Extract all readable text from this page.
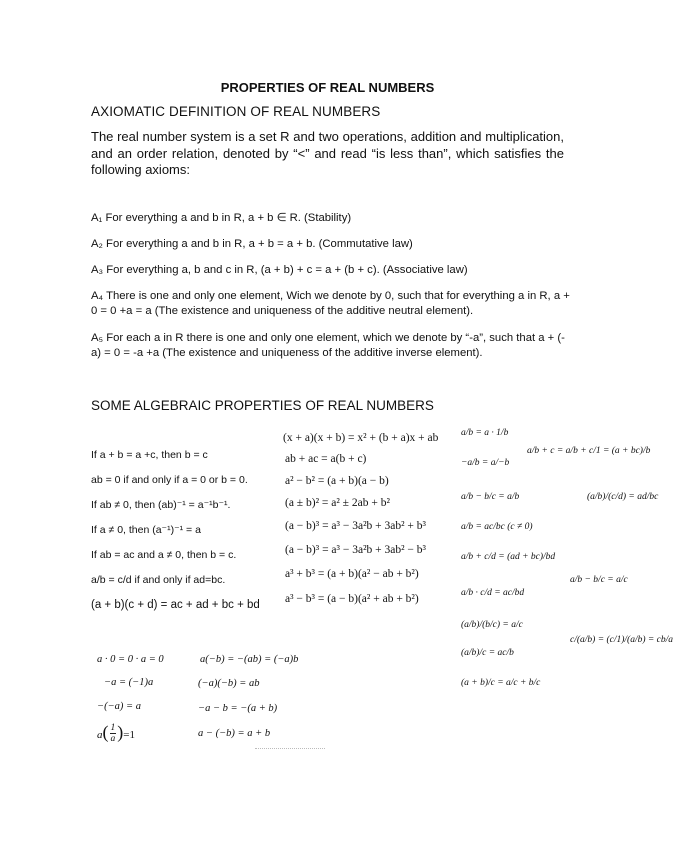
PROPERTIES OF REAL NUMBERS
AXIOMATIC DEFINITION OF REAL NUMBERS
The real number system is a set R and two operations, addition and multiplication, and an order relation, denoted by “<” and read “is less than”, which satisfies the following axioms:
A₁ For everything a and b in R, a + b ∈ R. (Stability)
A₂ For everything a and b in R, a + b = a + b. (Commutative law)
A₃ For everything a, b and c in R, (a + b) + c = a + (b + c). (Associative law)
A₄ There is one and only one element, Wich we denote by 0, such that for everything a in R, a + 0 = 0 +a = a (The existence and uniqueness of the additive neutral element).
A₅ For each a in R there is one and only one element, which we denote by “-a”, such that a + (-a) = 0 = -a +a (The existence and uniqueness of the additive inverse element).
SOME ALGEBRAIC PROPERTIES OF REAL NUMBERS
If a + b = a +c, then b = c
ab = 0 if and only if a = 0 or b = 0.
If ab ≠ 0, then (ab)⁻¹ = a⁻¹b⁻¹.
If a ≠ 0, then (a⁻¹)⁻¹ = a
If ab = ac and a ≠ 0, then b = c.
a/b = c/d if and only if ad=bc.
(a + b)(c + d) = ac + ad + bc + bd
(x + a)(x + b) = x² + (b + a)x + ab
ab + ac = a(b + c)
a² − b² = (a + b)(a − b)
(a ± b)² = a² ± 2ab + b²
(a − b)³ = a³ − 3a²b + 3ab² + b³
(a − b)³ = a³ − 3a²b + 3ab² − b³
a³ + b³ = (a + b)(a² − ab + b²)
a³ − b³ = (a − b)(a² + ab + b²)
a · 0 = 0 · a = 0
−a = (−1)a
−(−a) = a
$a( \frac{1}{a} )=1$
a(−b) = −(ab) = (−a)b
(−a)(−b) = ab
−a − b = −(a + b)
a − (−b) = a + b
a/b = a · 1/b
−a/b = a/−b
a/b − b/c = a/b
a/b = ac/bc (c ≠ 0)
a/b + c/d = (ad + bc)/bd
a/b · c/d = ac/bd
(a/b)/(b/c) = a/c
(a/b)/c = ac/b
(a + b)/c = a/c + b/c
a/b + c = a/b + c/1 = (a + bc)/b
(a/b)/(c/d) = ad/bc
a/b − b/c = a/c
c/(a/b) = (c/1)/(a/b) = cb/a
